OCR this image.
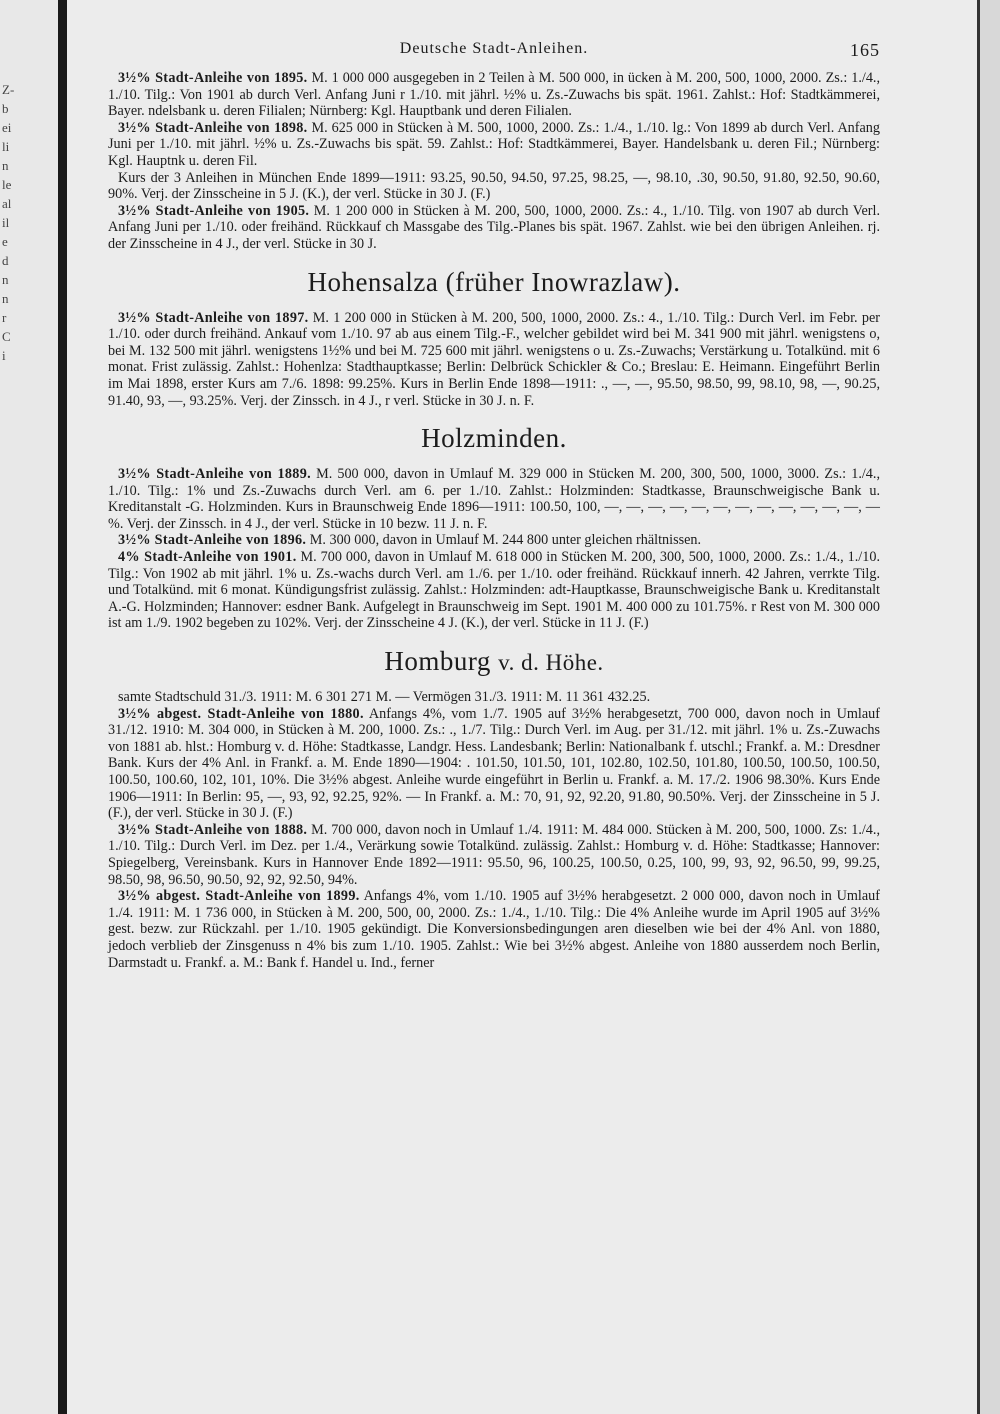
Z-
b
ei
li
n
le
al
il
e
d
n
n
r
C
i
Deutsche Stadt-Anleihen.	165

3½% Stadt-Anleihe von 1895. M. 1 000 000 ausgegeben in 2 Teilen à M. 500 000, in ücken à M. 200, 500, 1000, 2000. Zs.: 1./4., 1./10. Tilg.: Von 1901 ab durch Verl. Anfang Juni r 1./10. mit jährl. ½% u. Zs.-Zuwachs bis spät. 1961. Zahlst.: Hof: Stadtkämmerei, Bayer. ndelsbank u. deren Filialen; Nürnberg: Kgl. Hauptbank und deren Filialen.

3½% Stadt-Anleihe von 1898. M. 625 000 in Stücken à M. 500, 1000, 2000. Zs.: 1./4., 1./10. lg.: Von 1899 ab durch Verl. Anfang Juni per 1./10. mit jährl. ½% u. Zs.-Zuwachs bis spät. 59. Zahlst.: Hof: Stadtkämmerei, Bayer. Handelsbank u. deren Fil.; Nürnberg: Kgl. Hauptnk u. deren Fil.

Kurs der 3 Anleihen in München Ende 1899—1911: 93.25, 90.50, 94.50, 97.25, 98.25, —, 98.10, .30, 90.50, 91.80, 92.50, 90.60, 90%. Verj. der Zinsscheine in 5 J. (K.), der verl. Stücke in 30 J. (F.)

3½% Stadt-Anleihe von 1905. M. 1 200 000 in Stücken à M. 200, 500, 1000, 2000. Zs.: 4., 1./10. Tilg. von 1907 ab durch Verl. Anfang Juni per 1./10. oder freihänd. Rückkauf ch Massgabe des Tilg.-Planes bis spät. 1967. Zahlst. wie bei den übrigen Anleihen. rj. der Zinsscheine in 4 J., der verl. Stücke in 30 J.

Hohensalza (früher Inowrazlaw).

3½% Stadt-Anleihe von 1897. M. 1 200 000 in Stücken à M. 200, 500, 1000, 2000. Zs.: 4., 1./10. Tilg.: Durch Verl. im Febr. per 1./10. oder durch freihänd. Ankauf vom 1./10. 97 ab aus einem Tilg.-F., welcher gebildet wird bei M. 341 900 mit jährl. wenigstens o, bei M. 132 500 mit jährl. wenigstens 1½% und bei M. 725 600 mit jährl. wenigstens o u. Zs.-Zuwachs; Verstärkung u. Totalkünd. mit 6 monat. Frist zulässig. Zahlst.: Hohenlza: Stadthauptkasse; Berlin: Delbrück Schickler & Co.; Breslau: E. Heimann. Eingeführt Berlin im Mai 1898, erster Kurs am 7./6. 1898: 99.25%. Kurs in Berlin Ende 1898—1911: ., —, —, 95.50, 98.50, 99, 98.10, 98, —, 90.25, 91.40, 93, —, 93.25%. Verj. der Zinssch. in 4 J., r verl. Stücke in 30 J. n. F.

Holzminden.

3½% Stadt-Anleihe von 1889. M. 500 000, davon in Umlauf M. 329 000 in Stücken M. 200, 300, 500, 1000, 3000. Zs.: 1./4., 1./10. Tilg.: 1% und Zs.-Zuwachs durch Verl. am 6. per 1./10. Zahlst.: Holzminden: Stadtkasse, Braunschweigische Bank u. Kreditanstalt -G. Holzminden. Kurs in Braunschweig Ende 1896—1911: 100.50, 100, —, —, —, —, —, —, —, —, —, —, —, —, —%. Verj. der Zinssch. in 4 J., der verl. Stücke in 10 bezw. 11 J. n. F.

3½% Stadt-Anleihe von 1896. M. 300 000, davon in Umlauf M. 244 800 unter gleichen rhältnissen.

4% Stadt-Anleihe von 1901. M. 700 000, davon in Umlauf M. 618 000 in Stücken M. 200, 300, 500, 1000, 2000. Zs.: 1./4., 1./10. Tilg.: Von 1902 ab mit jährl. 1% u. Zs.-wachs durch Verl. am 1./6. per 1./10. oder freihänd. Rückkauf innerh. 42 Jahren, verrkte Tilg. und Totalkünd. mit 6 monat. Kündigungsfrist zulässig. Zahlst.: Holzminden: adt-Hauptkasse, Braunschweigische Bank u. Kreditanstalt A.-G. Holzminden; Hannover: esdner Bank. Aufgelegt in Braunschweig im Sept. 1901 M. 400 000 zu 101.75%. r Rest von M. 300 000 ist am 1./9. 1902 begeben zu 102%. Verj. der Zinsscheine 4 J. (K.), der verl. Stücke in 11 J. (F.)

Homburg v. d. Höhe.

samte Stadtschuld 31./3. 1911: M. 6 301 271 M. — Vermögen 31./3. 1911: M. 11 361 432.25.

3½% abgest. Stadt-Anleihe von 1880. Anfangs 4%, vom 1./7. 1905 auf 3½% herabgesetzt, 700 000, davon noch in Umlauf 31./12. 1910: M. 304 000, in Stücken à M. 200, 1000. Zs.: ., 1./7. Tilg.: Durch Verl. im Aug. per 31./12. mit jährl. 1% u. Zs.-Zuwachs von 1881 ab. hlst.: Homburg v. d. Höhe: Stadtkasse, Landgr. Hess. Landesbank; Berlin: Nationalbank f. utschl.; Frankf. a. M.: Dresdner Bank. Kurs der 4% Anl. in Frankf. a. M. Ende 1890—1904: . 101.50, 101.50, 101, 102.80, 102.50, 101.80, 100.50, 100.50, 100.50, 100.50, 100.60, 102, 101, 10%. Die 3½% abgest. Anleihe wurde eingeführt in Berlin u. Frankf. a. M. 17./2. 1906 98.30%. Kurs Ende 1906—1911: In Berlin: 95, —, 93, 92, 92.25, 92%. — In Frankf. a. M.: 70, 91, 92, 92.20, 91.80, 90.50%. Verj. der Zinsscheine in 5 J. (F.), der verl. Stücke in 30 J. (F.)

3½% Stadt-Anleihe von 1888. M. 700 000, davon noch in Umlauf 1./4. 1911: M. 484 000. Stücken à M. 200, 500, 1000. Zs: 1./4., 1./10. Tilg.: Durch Verl. im Dez. per 1./4., Verärkung sowie Totalkünd. zulässig. Zahlst.: Homburg v. d. Höhe: Stadtkasse; Hannover: Spiegelberg, Vereinsbank. Kurs in Hannover Ende 1892—1911: 95.50, 96, 100.25, 100.50, 0.25, 100, 99, 93, 92, 96.50, 99, 99.25, 98.50, 98, 96.50, 90.50, 92, 92, 92.50, 94%.

3½% abgest. Stadt-Anleihe von 1899. Anfangs 4%, vom 1./10. 1905 auf 3½% herabgesetzt. 2 000 000, davon noch in Umlauf 1./4. 1911: M. 1 736 000, in Stücken à M. 200, 500, 00, 2000. Zs.: 1./4., 1./10. Tilg.: Die 4% Anleihe wurde im April 1905 auf 3½% gest. bezw. zur Rückzahl. per 1./10. 1905 gekündigt. Die Konversionsbedingungen aren dieselben wie bei der 4% Anl. von 1880, jedoch verblieb der Zinsgenuss n 4% bis zum 1./10. 1905. Zahlst.: Wie bei 3½% abgest. Anleihe von 1880 ausserdem noch Berlin, Darmstadt u. Frankf. a. M.: Bank f. Handel u. Ind., ferner
